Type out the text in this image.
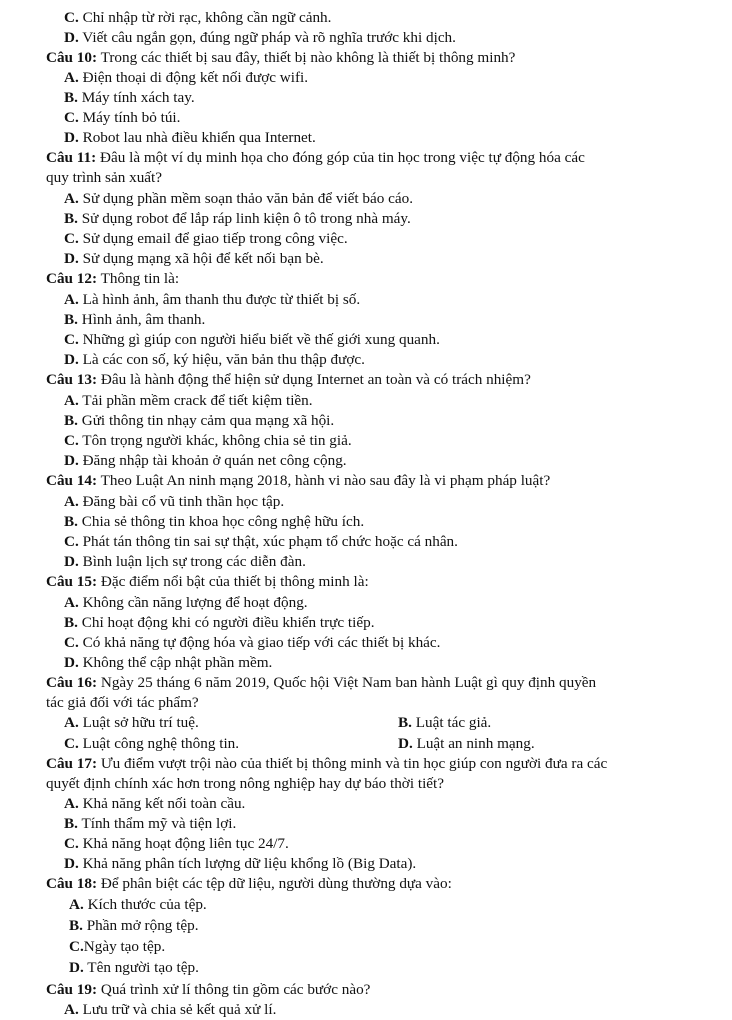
C. Chỉ nhập từ rời rạc, không cần ngữ cảnh.
D. Viết câu ngắn gọn, đúng ngữ pháp và rõ nghĩa trước khi dịch.
Câu 10: Trong các thiết bị sau đây, thiết bị nào không là thiết bị thông minh?
A. Điện thoại di động kết nối được wifi.
B. Máy tính xách tay.
C. Máy tính bỏ túi.
D. Robot lau nhà điều khiển qua Internet.
Câu 11: Đâu là một ví dụ minh họa cho đóng góp của tin học trong việc tự động hóa các
quy trình sản xuất?
A. Sử dụng phần mềm soạn thảo văn bản để viết báo cáo.
B. Sử dụng robot để lắp ráp linh kiện ô tô trong nhà máy.
C. Sử dụng email để giao tiếp trong công việc.
D. Sử dụng mạng xã hội để kết nối bạn bè.
Câu 12: Thông tin là:
A. Là hình ảnh, âm thanh thu được từ thiết bị số.
B. Hình ảnh, âm thanh.
C. Những gì giúp con người hiểu biết về thế giới xung quanh.
D. Là các con số, ký hiệu, văn bản thu thập được.
Câu 13: Đâu là hành động thể hiện sử dụng Internet an toàn và có trách nhiệm?
A. Tải phần mềm crack để tiết kiệm tiền.
B. Gửi thông tin nhạy cảm qua mạng xã hội.
C. Tôn trọng người khác, không chia sẻ tin giả.
D. Đăng nhập tài khoản ở quán net công cộng.
Câu 14: Theo Luật An ninh mạng 2018, hành vi nào sau đây là vi phạm pháp luật?
A. Đăng bài cổ vũ tinh thần học tập.
B. Chia sẻ thông tin khoa học công nghệ hữu ích.
C. Phát tán thông tin sai sự thật, xúc phạm tổ chức hoặc cá nhân.
D. Bình luận lịch sự trong các diễn đàn.
Câu 15: Đặc điểm nổi bật của thiết bị thông minh là:
A. Không cần năng lượng để hoạt động.
B. Chỉ hoạt động khi có người điều khiển trực tiếp.
C. Có khả năng tự động hóa và giao tiếp với các thiết bị khác.
D. Không thể cập nhật phần mềm.
Câu 16: Ngày 25 tháng 6 năm 2019, Quốc hội Việt Nam ban hành Luật gì quy định quyền
tác giả đối với tác phẩm?
A. Luật sở hữu trí tuệ.	B. Luật tác giả.
C. Luật công nghệ thông tin.	D. Luật an ninh mạng.
Câu 17: Ưu điểm vượt trội nào của thiết bị thông minh và tin học giúp con người đưa ra các
quyết định chính xác hơn trong nông nghiệp hay dự báo thời tiết?
A. Khả năng kết nối toàn cầu.
B. Tính thẩm mỹ và tiện lợi.
C. Khả năng hoạt động liên tục 24/7.
D. Khả năng phân tích lượng dữ liệu khổng lồ (Big Data).
Câu 18: Để phân biệt các tệp dữ liệu, người dùng thường dựa vào:
A. Kích thước của tệp.
B. Phần mở rộng tệp.
C.Ngày tạo tệp.
D. Tên người tạo tệp.
Câu 19: Quá trình xử lí thông tin gồm các bước nào?
A. Lưu trữ và chia sẻ kết quả xử lí.
